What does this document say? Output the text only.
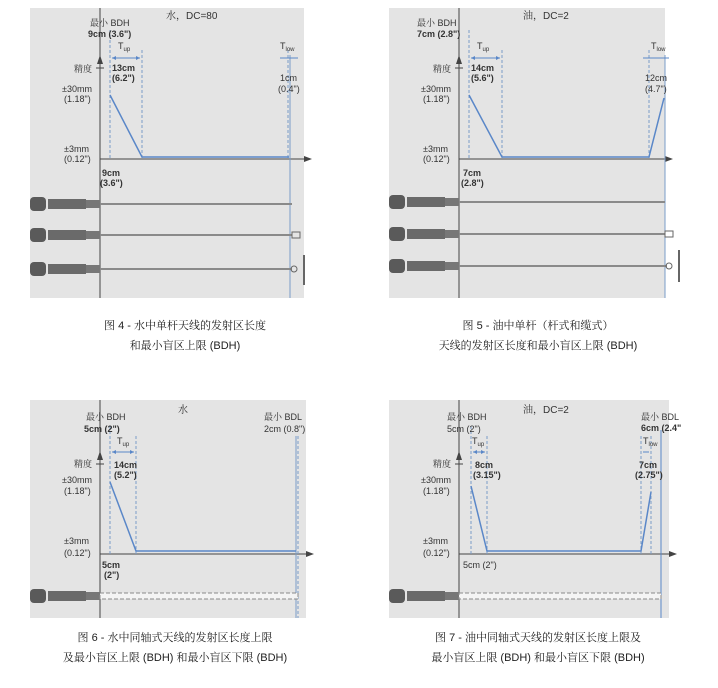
水，DC=80
最小 BDH
9cm (3.6")
$T_{up}$	$T_{low}$
13cm
(6.2")	1cm
(0.4")
精度
±30mm
(1.18")
±3mm
(0.12")
9cm
(3.6")
图 4 - 水中单杆天线的发射区长度
和最小盲区上限 (BDH)
油，DC=2
最小 BDH
7cm (2.8")
$T_{up}$	$T_{low}$
14cm
(5.6")	12cm
(4.7")
精度
±30mm
(1.18")
±3mm
(0.12")
7cm
(2.8")
图 5 - 油中单杆（杆式和缆式）
天线的发射区长度和最小盲区上限 (BDH)
水
最小 BDH
5cm (2")
最小 BDL
2cm (0.8")
$T_{up}$
14cm
(5.2")
精度
±30mm
(1.18")
±3mm
(0.12")
5cm
(2")
图 6 - 水中同轴式天线的发射区长度上限
及最小盲区上限 (BDH) 和最小盲区下限 (BDH)
油，DC=2
最小 BDH
5cm (2")
最小 BDL
6cm (2.4"
$T_{up}$	$T_{low}$
8cm
(3.15")
7cm
(2.75")
精度
±30mm
(1.18")
±3mm
(0.12")
5cm (2")
图 7 - 油中同轴式天线的发射区长度上限及
最小盲区上限 (BDH) 和最小盲区下限 (BDH)
